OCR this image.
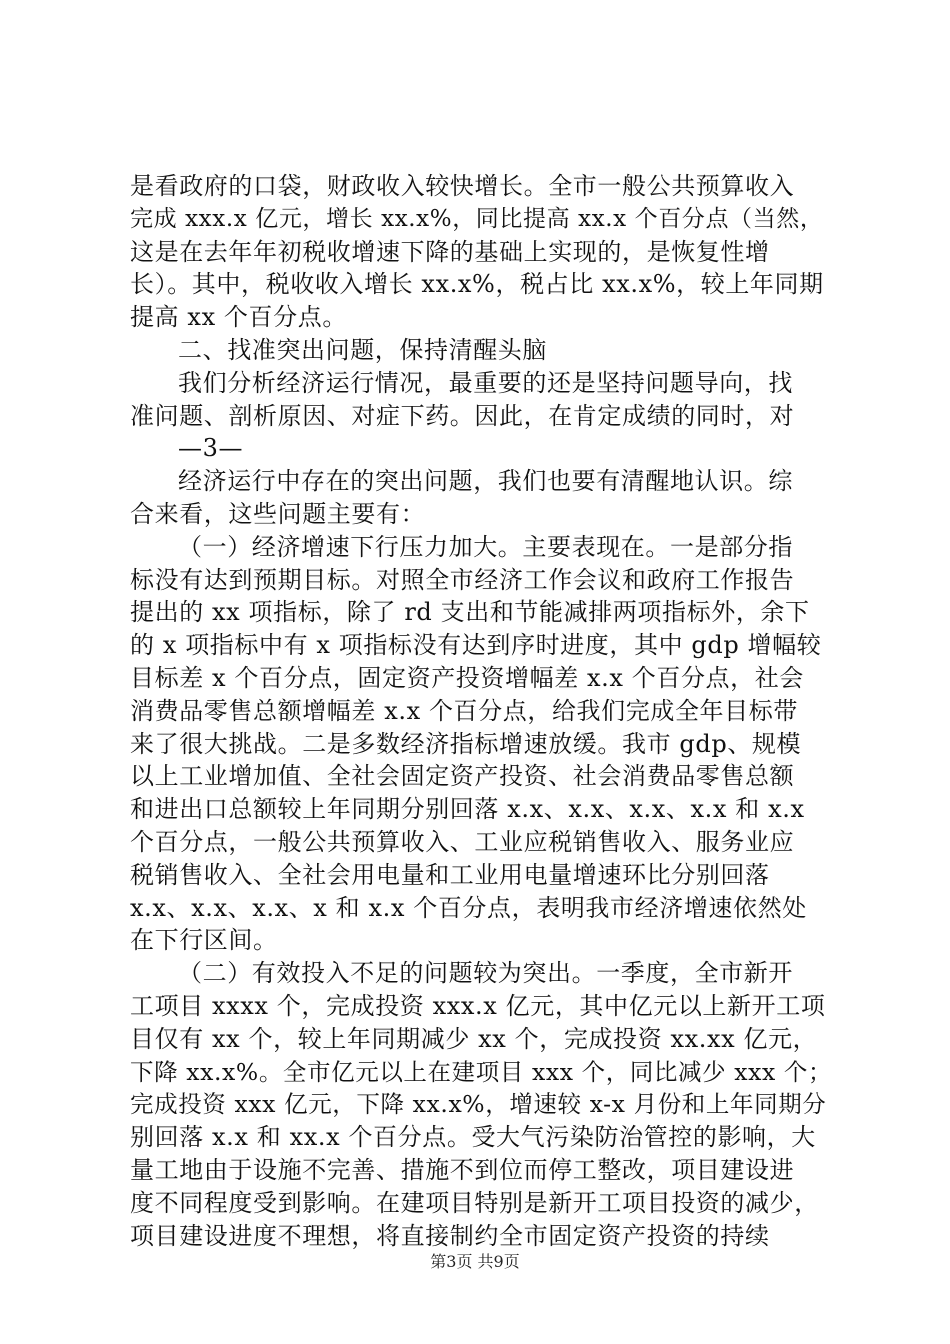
是看政府的口袋，财政收入较快增长。全市一般公共预算收入
完成 xxx.x 亿元，增长 xx.x%，同比提高 xx.x 个百分点（当然，
这是在去年年初税收增速下降的基础上实现的，是恢复性增
长）。其中，税收收入增长 xx.x%，税占比 xx.x%，较上年同期
提高 xx 个百分点。
二、找准突出问题，保持清醒头脑
我们分析经济运行情况，最重要的还是坚持问题导向，找
准问题、剖析原因、对症下药。因此，在肯定成绩的同时，对
—3—
经济运行中存在的突出问题，我们也要有清醒地认识。综
合来看，这些问题主要有：
（一）经济增速下行压力加大。主要表现在。一是部分指
标没有达到预期目标。对照全市经济工作会议和政府工作报告
提出的 xx 项指标，除了 rd 支出和节能减排两项指标外，余下
的 x 项指标中有 x 项指标没有达到序时进度，其中 gdp 增幅较
目标差 x 个百分点，固定资产投资增幅差 x.x 个百分点，社会
消费品零售总额增幅差 x.x 个百分点，给我们完成全年目标带
来了很大挑战。二是多数经济指标增速放缓。我市 gdp、规模
以上工业增加值、全社会固定资产投资、社会消费品零售总额
和进出口总额较上年同期分别回落 x.x、x.x、x.x、x.x 和 x.x
个百分点，一般公共预算收入、工业应税销售收入、服务业应
税销售收入、全社会用电量和工业用电量增速环比分别回落
x.x、x.x、x.x、x 和 x.x 个百分点，表明我市经济增速依然处
在下行区间。
（二）有效投入不足的问题较为突出。一季度，全市新开
工项目 xxxx 个，完成投资 xxx.x 亿元，其中亿元以上新开工项
目仅有 xx 个，较上年同期减少 xx 个，完成投资 xx.xx 亿元，
下降 xx.x%。全市亿元以上在建项目 xxx 个，同比减少 xxx 个；
完成投资 xxx 亿元，下降 xx.x%，增速较 x-x 月份和上年同期分
别回落 x.x 和 xx.x 个百分点。受大气污染防治管控的影响，大
量工地由于设施不完善、措施不到位而停工整改，项目建设进
度不同程度受到影响。在建项目特别是新开工项目投资的减少，
项目建设进度不理想，将直接制约全市固定资产投资的持续
第3页 共9页
